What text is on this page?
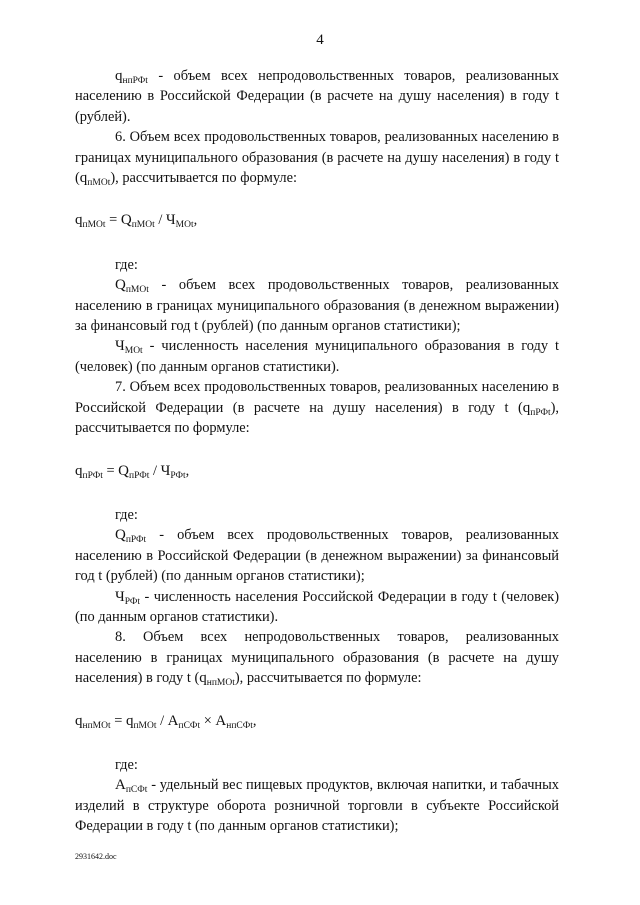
4

$q_{нпРФt}$ - объем всех непродовольственных товаров, реализованных населению в Российской Федерации (в расчете на душу населения) в году t (рублей).

6. Объем всех продовольственных товаров, реализованных населению в границах муниципального образования (в расчете на душу населения) в году t $(q_{пМОt})$, рассчитывается по формуле:

$q_{пМОt} = Q_{пМОt} / Ч_{МОt}$,

где:

$Q_{пМОt}$ - объем всех продовольственных товаров, реализованных населению в границах муниципального образования (в денежном выражении) за финансовый год t (рублей) (по данным органов статистики);

$Ч_{МОt}$ - численность населения муниципального образования в году t (человек) (по данным органов статистики).

7. Объем всех продовольственных товаров, реализованных населению в Российской Федерации (в расчете на душу населения) в году t $(q_{пРФt})$, рассчитывается по формуле:

$q_{пРФt} = Q_{пРФt} / Ч_{РФt}$,

где:

$Q_{пРФt}$ - объем всех продовольственных товаров, реализованных населению в Российской Федерации (в денежном выражении) за финансовый год t (рублей) (по данным органов статистики);

$Ч_{РФt}$ - численность населения Российской Федерации в году t (человек) (по данным органов статистики).

8. Объем всех непродовольственных товаров, реализованных населению в границах муниципального образования (в расчете на душу населения) в году t $(q_{нпМОt})$, рассчитывается по формуле:

$q_{нпМОt} = q_{пМОt} / A_{пСФt} \times A_{нпСФt}$,

где:

$A_{пСФt}$ - удельный вес пищевых продуктов, включая напитки, и табачных изделий в структуре оборота розничной торговли в субъекте Российской Федерации в году t (по данным органов статистики);

2931642.doc
